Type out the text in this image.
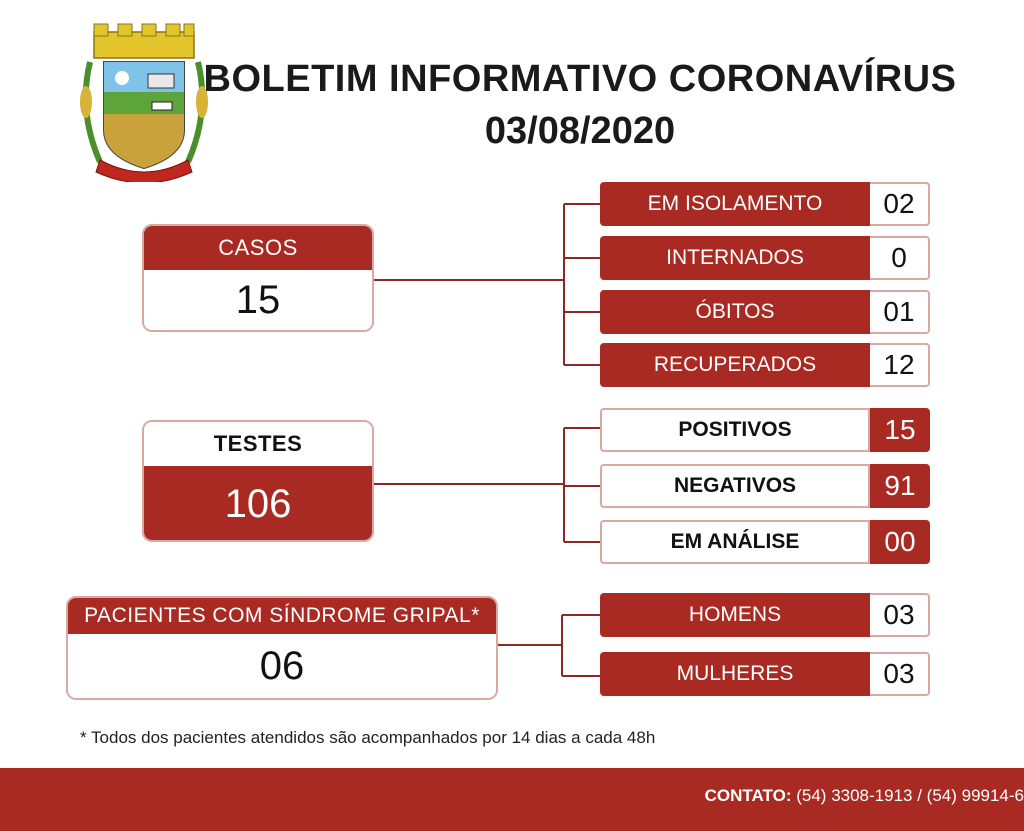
BOLETIM INFORMATIVO CORONAVÍRUS
03/08/2020
CASOS
15
EM ISOLAMENTO	02
INTERNADOS	0
ÓBITOS	01
RECUPERADOS	12
TESTES
106
POSITIVOS	15
NEGATIVOS	91
EM ANÁLISE	00
PACIENTES COM SÍNDROME GRIPAL*
06
HOMENS	03
MULHERES	03
* Todos dos pacientes atendidos são acompanhados por 14 dias a cada 48h
CONTATO: (54) 3308-1913 / (54) 99914-6
